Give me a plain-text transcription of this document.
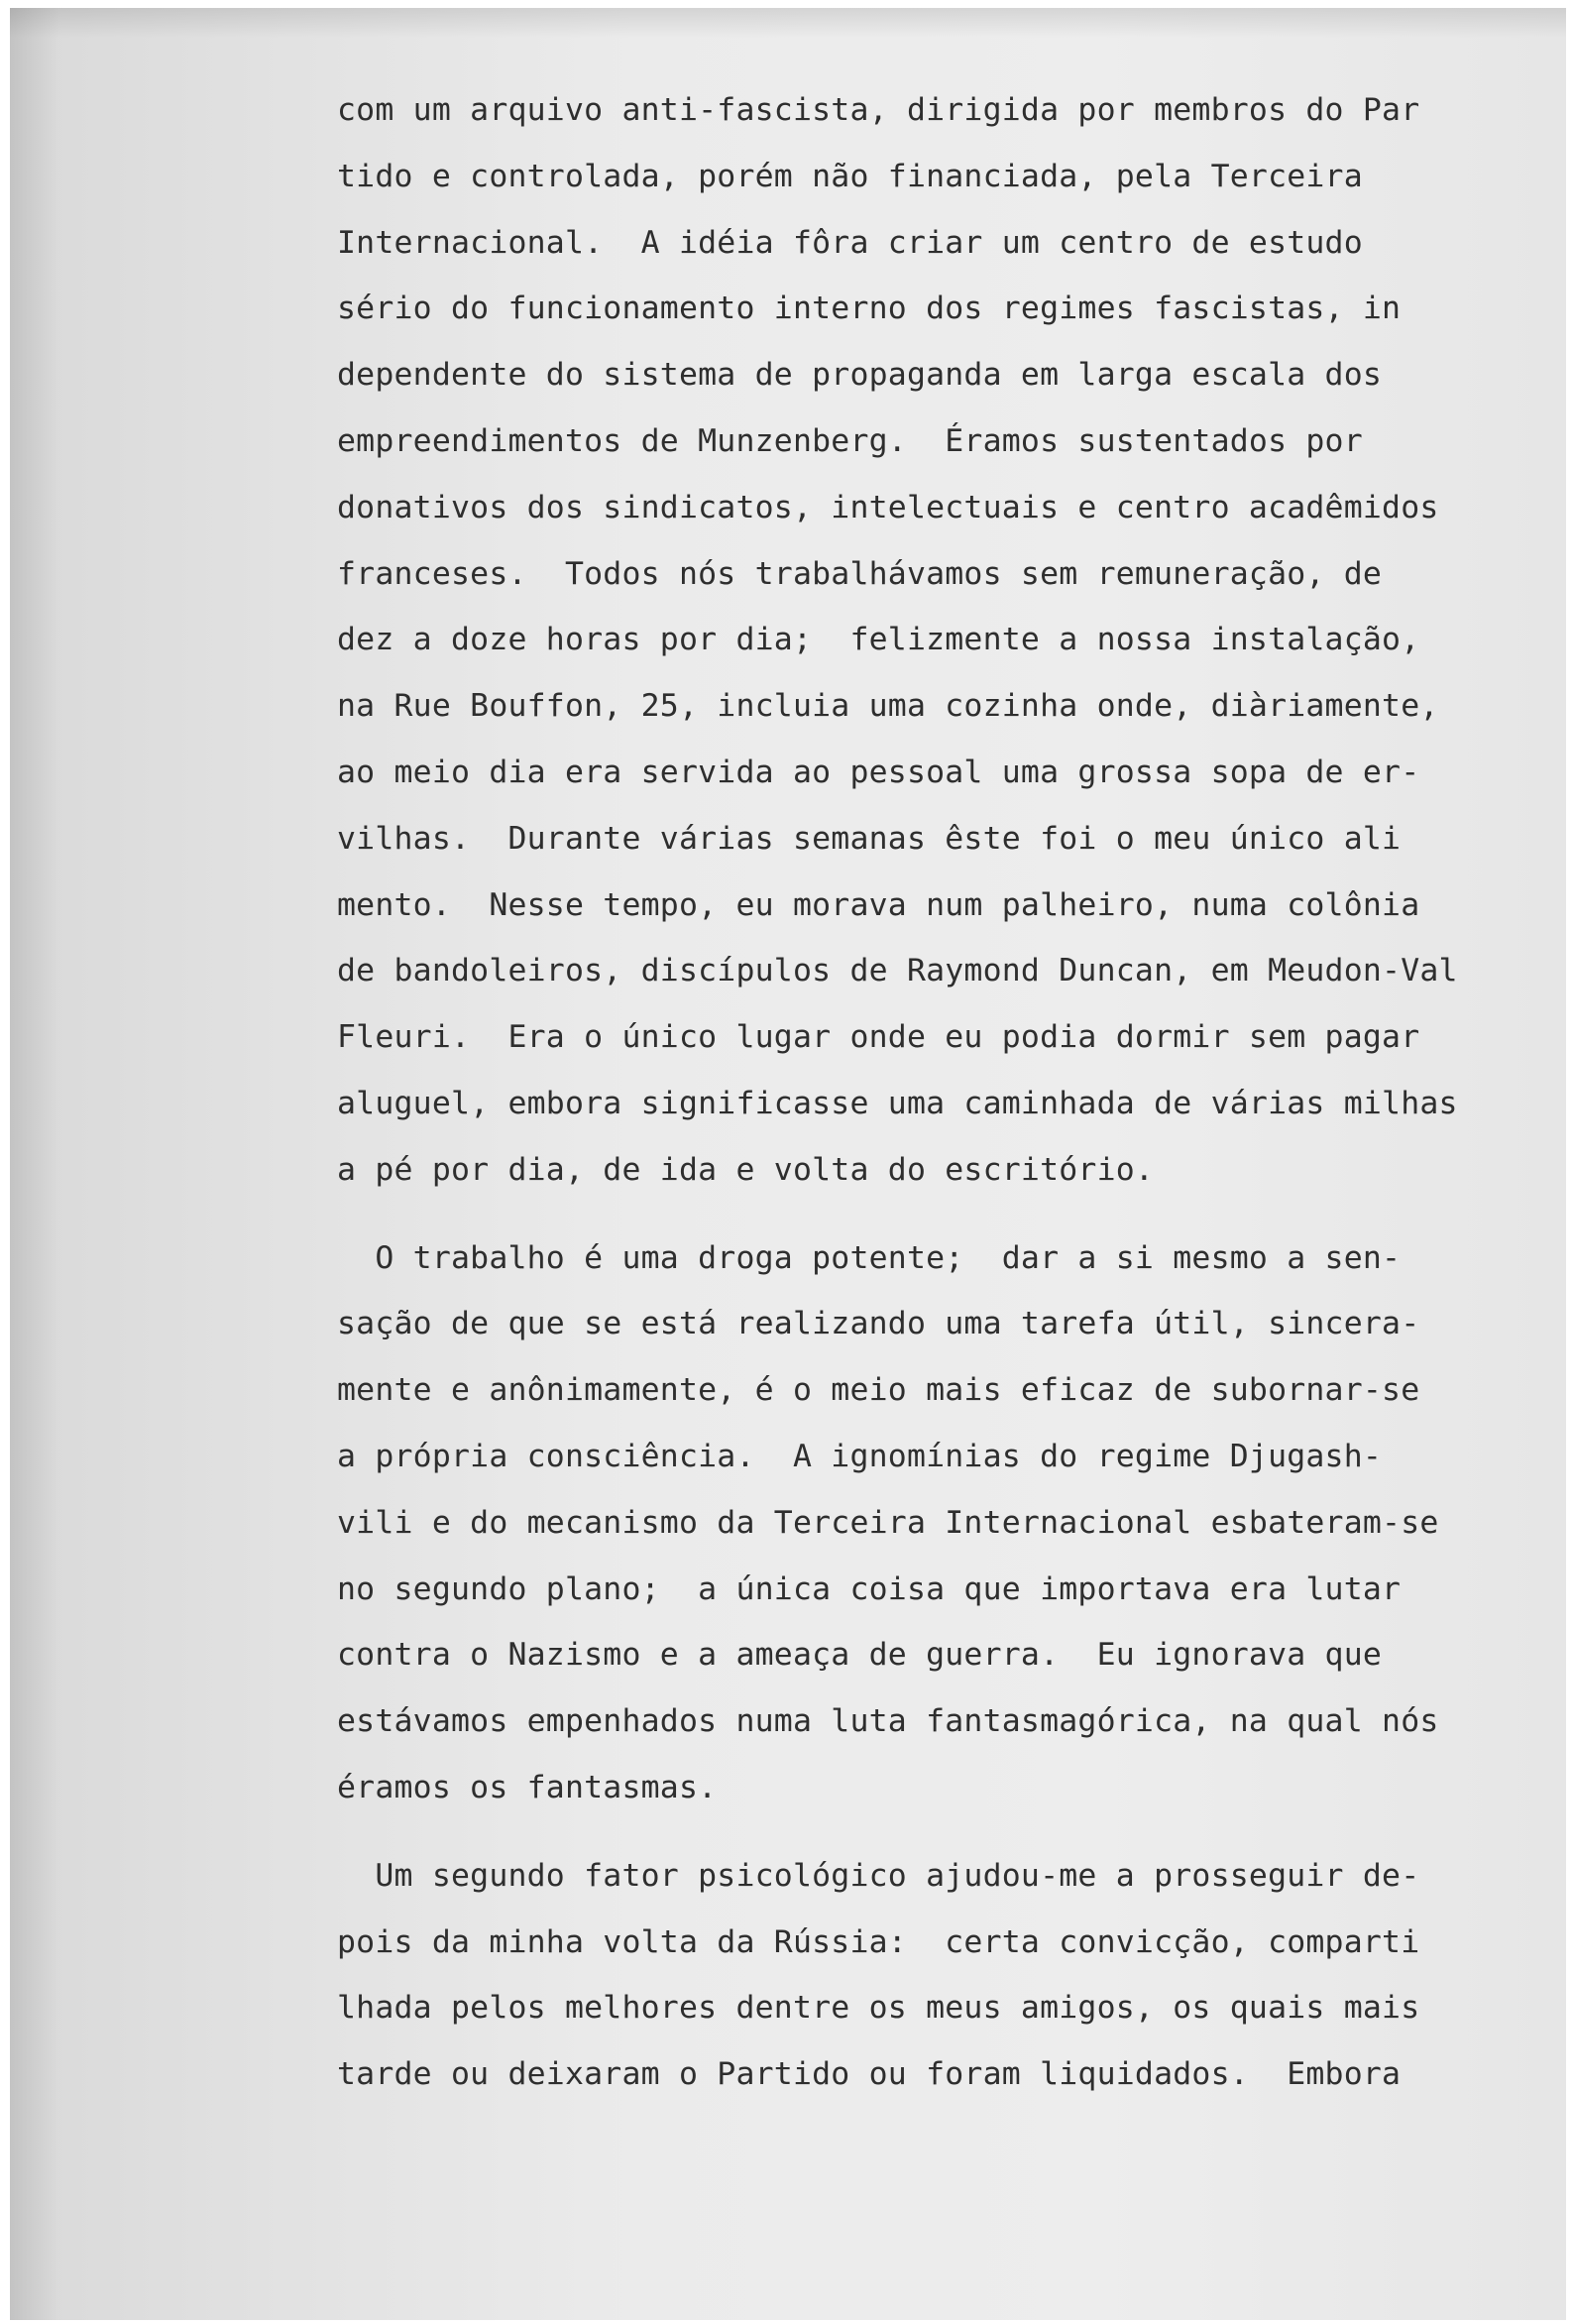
com um arquivo anti-fascista, dirigida por membros do Par
tido e controlada, porém não financiada, pela Terceira
Internacional.  A idéia fôra criar um centro de estudo
sério do funcionamento interno dos regimes fascistas, in
dependente do sistema de propaganda em larga escala dos
empreendimentos de Munzenberg.  Éramos sustentados por
donativos dos sindicatos, intelectuais e centro acadêmidos
franceses.  Todos nós trabalhávamos sem remuneração, de
dez a doze horas por dia;  felizmente a nossa instalação,
na Rue Bouffon, 25, incluia uma cozinha onde, diàriamente,
ao meio dia era servida ao pessoal uma grossa sopa de er-
vilhas.  Durante várias semanas êste foi o meu único ali
mento.  Nesse tempo, eu morava num palheiro, numa colônia
de bandoleiros, discípulos de Raymond Duncan, em Meudon-Val
Fleuri.  Era o único lugar onde eu podia dormir sem pagar
aluguel, embora significasse uma caminhada de várias milhas
a pé por dia, de ida e volta do escritório.
O trabalho é uma droga potente;  dar a si mesmo a sen-
sação de que se está realizando uma tarefa útil, sincera-
mente e anônimamente, é o meio mais eficaz de subornar-se
a própria consciência.  A ignomínias do regime Djugash-
vili e do mecanismo da Terceira Internacional esbateram-se
no segundo plano;  a única coisa que importava era lutar
contra o Nazismo e a ameaça de guerra.  Eu ignorava que
estávamos empenhados numa luta fantasmagórica, na qual nós
éramos os fantasmas.
Um segundo fator psicológico ajudou-me a prosseguir de-
pois da minha volta da Rússia:  certa convicção, comparti
lhada pelos melhores dentre os meus amigos, os quais mais
tarde ou deixaram o Partido ou foram liquidados.  Embora
